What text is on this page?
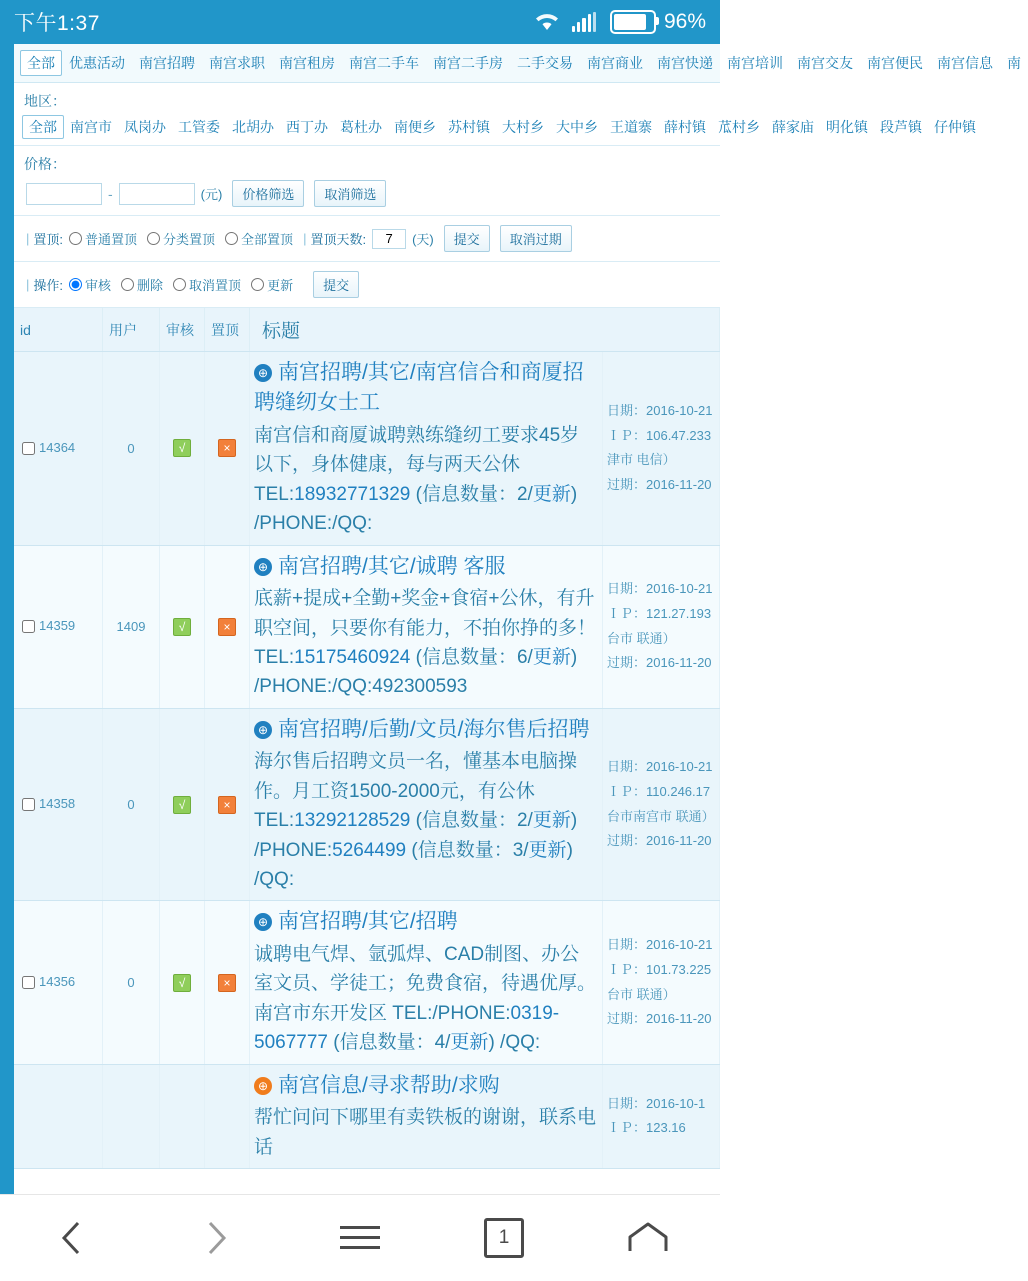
下午1:37	96%
全部	优惠活动	南宫招聘	南宫求职	南宫租房	南宫二手车	南宫二手房	二手交易	南宫商业	南宫快递	南宫培训	南宫交友	南宫便民	南宫信息	南
地区：
全部 南宫市 凤岗办 工管委 北胡办 西丁办 葛杜办 南便乡 苏村镇 大村乡 大中乡 王道寨 薛村镇 苽村乡 薛家庙 明化镇 段芦镇 仔仲镇
价格：
-	(元)	价格筛选	取消筛选
| 置顶: 普通置顶 分类置顶 全部置顶 | 置顶天数:
7	(天)	提交	取消过期
| 操作: 审核 删除 取消置顶 更新	提交
id	用户	审核	置顶	标题	
14364	0	√	×	
⊕ 南宫招聘/其它/南宫信合和商厦招聘缝纫女士工
南宫信和商厦诚聘熟练缝纫工要求45岁以下，身体健康，每与两天公休 TEL:18932771329 (信息数量：2/更新) /PHONE:/QQ:

日期：2016-10-21
ＩＰ：106.47.233
津市 电信）
过期：2016-11-20

14359	1409	√	×	
⊕ 南宫招聘/其它/诚聘 客服
底薪+提成+全勤+奖金+食宿+公休，有升职空间，只要你有能力，不拍你挣的多！ TEL:15175460924 (信息数量：6/更新) /PHONE:/QQ:492300593

日期：2016-10-21
ＩＰ：121.27.193
台市 联通）
过期：2016-11-20

14358	0	√	×	
⊕ 南宫招聘/后勤/文员/海尔售后招聘
海尔售后招聘文员一名，懂基本电脑操作。月工资1500-2000元，有公休 TEL:13292128529 (信息数量：2/更新) /PHONE:5264499 (信息数量：3/更新) /QQ:

日期：2016-10-21
ＩＰ：110.246.17
台市南宫市 联通）
过期：2016-11-20

14356	0	√	×	
⊕ 南宫招聘/其它/招聘
诚聘电气焊、氩弧焊、CAD制图、办公室文员、学徒工；免费食宿，待遇优厚。 南宫市东开发区 TEL:/PHONE:0319-5067777 (信息数量：4/更新) /QQ:

日期：2016-10-21
ＩＰ：101.73.225
台市 联通）
过期：2016-11-20

⊕ 南宫信息/寻求帮助/求购
帮忙问问下哪里有卖铁板的谢谢，联系电话

日期：2016-10-1
ＩＰ：123.16
1
